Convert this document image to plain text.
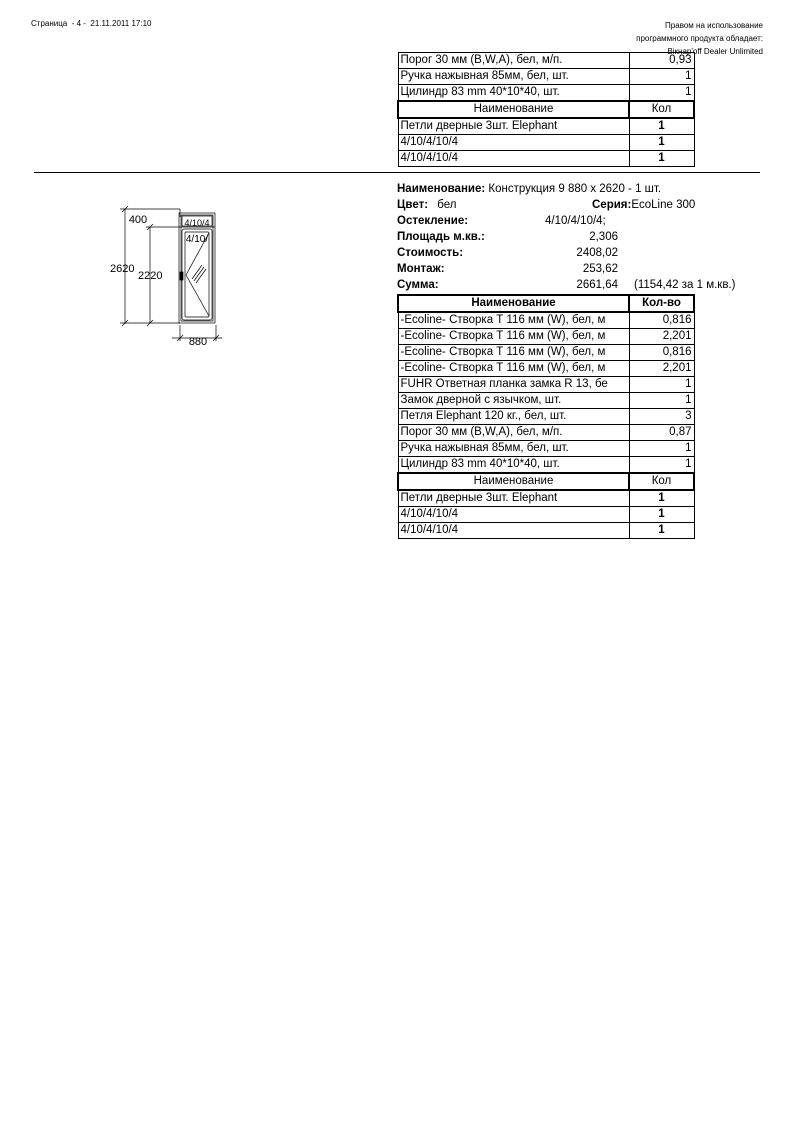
Страница  - 4 -  21.11.2011 17:10	Правом на использование
программного продукта обладает:
Вікнар'off Dealer Unlimited
Порог 30 мм (B,W,A), бел, м/п.	0,93
Ручка нажывная 85мм, бел, шт.	1
Цилиндр 83 mm 40*10*40, шт.	1
Наименование	Кол
Петли дверные 3шт. Elephant	1
4/10/4/10/4	1
4/10/4/10/4	1
400
2620
2220
4/10/4
4/10/
880
Наименование: Конструкция 9 880 x 2620 - 1 шт.
Цвет: бел	Серия:EcoLine 300
Остекление:	4/10/4/10/4;
Площадь м.кв.:	2,306
Стоимость:	2408,02
Монтаж:	253,62
Сумма:	2661,64 (1154,42 за 1 м.кв.)
Наименование	Кол-во
-Ecoline- Створка Т 116 мм (W), бел, м	0,816
-Ecoline- Створка Т 116 мм (W), бел, м	2,201
-Ecoline- Створка Т 116 мм (W), бел, м	0,816
-Ecoline- Створка Т 116 мм (W), бел, м	2,201
FUHR Ответная планка замка R 13, бе	1
Замок дверной с язычком, шт.	1
Петля Elephant 120 кг., бел, шт.	3
Порог 30 мм (B,W,A), бел, м/п.	0,87
Ручка нажывная 85мм, бел, шт.	1
Цилиндр 83 mm 40*10*40, шт.	1
Наименование	Кол
Петли дверные 3шт. Elephant	1
4/10/4/10/4	1
4/10/4/10/4	1
